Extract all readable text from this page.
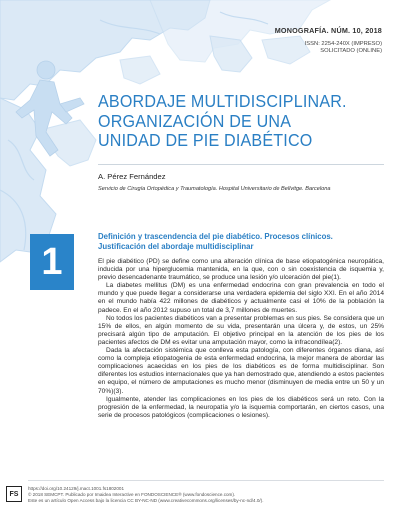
MONOGRAFÍA. NÚM. 10, 2018
ISSN: 2254-240X (IMPRESO)
SOLICITADO (ONLINE)
ABORDAJE MULTIDISCIPLINAR.
ORGANIZACIÓN DE UNA
UNIDAD DE PIE DIABÉTICO
A. Pérez Fernández
Servicio de Cirugía Ortopédica y Traumatología. Hospital Universitario de Bellvitge. Barcelona
1
Definición y trascendencia del pie diabético. Procesos clínicos.
Justificación del abordaje multidisciplinar

El pie diabético (PD) se define como una alteración clínica de base etiopatogénica neuropática, inducida por una hiperglucemia mantenida, en la que, con o sin coexistencia de isquemia y, previo desencadenante traumático, se produce una lesión y/o ulceración del pie(1).

La diabetes mellitus (DM) es una enfermedad endocrina con gran prevalencia en todo el mundo y que puede llegar a considerarse una verdadera epidemia del siglo XXI. En el año 2014 en el mundo había 422 millones de diabéticos y actualmente casi el 10% de la población la padece. En el año 2012 supuso un total de 3,7 millones de muertes.

No todos los pacientes diabéticos van a presentar problemas en sus pies. Se considera que un 15% de ellos, en algún momento de su vida, presentarán una úlcera y, de estos, un 25% precisará algún tipo de amputación. El objetivo principal en la atención de los pies de los pacientes afectos de DM es evitar una amputación mayor, como la infracondílea(2).

Dada la afectación sistémica que conlleva esta patología, con diferentes órganos diana, así como la compleja etiopatogenia de esta enfermedad endocrina, la mejor manera de abordar las complicaciones acaecidas en los pies de los diabéticos es de forma multidisciplinar. Son diferentes los estudios internacionales que ya han demostrado que, atendiendo a estos pacientes en equipo, el número de amputaciones es mucho menor (disminuyen de media entre un 50 y un 70%)(3).

Igualmente, atender las complicaciones en los pies de los diabéticos será un reto. Con la progresión de la enfermedad, la neuropatía y/o la isquemia comportarán, en ciertos casos, una serie de procesos patológicos (complicaciones o lesiones).

FS
https://doi.org/10.24129/j.mact.1001.fs1802001
© 2018 SEMCPT. Publicado por Imaidea Interactive en FONDOSCIENCE® (www.fondoscience.com).
Este es un artículo Open Access bajo la licencia CC BY-NC-ND (www.creativecommons.org/licenses/by-nc-nd/4.0/).
